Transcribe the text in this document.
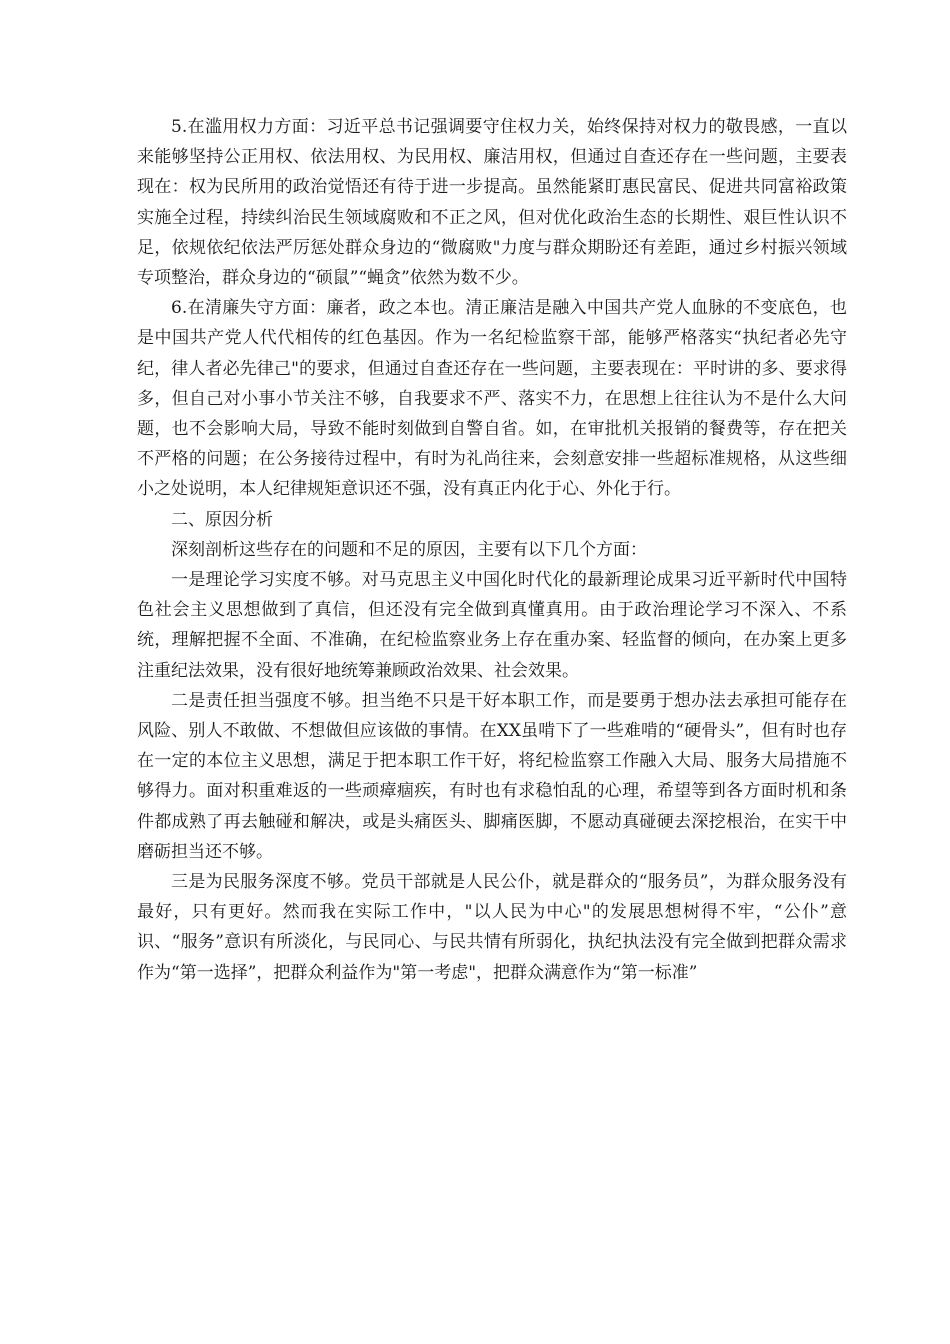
5.在滥用权力方面：习近平总书记强调要守住权力关，始终保持对权力的敬畏感，一直以来能够坚持公正用权、依法用权、为民用权、廉洁用权，但通过自查还存在一些问题，主要表现在：权为民所用的政治觉悟还有待于进一步提高。虽然能紧盯惠民富民、促进共同富裕政策实施全过程，持续纠治民生领域腐败和不正之风，但对优化政治生态的长期性、艰巨性认识不足，依规依纪依法严厉惩处群众身边的“微腐败"力度与群众期盼还有差距，通过乡村振兴领域专项整治，群众身边的“硕鼠”“蝇贪”依然为数不少。

6.在清廉失守方面：廉者，政之本也。清正廉洁是融入中国共产党人血脉的不变底色，也是中国共产党人代代相传的红色基因。作为一名纪检监察干部，能够严格落实“执纪者必先守纪，律人者必先律己"的要求，但通过自查还存在一些问题，主要表现在：平时讲的多、要求得多，但自己对小事小节关注不够，自我要求不严、落实不力，在思想上往往认为不是什么大问题，也不会影响大局，导致不能时刻做到自警自省。如，在审批机关报销的餐费等，存在把关不严格的问题；在公务接待过程中，有时为礼尚往来，会刻意安排一些超标准规格，从这些细小之处说明，本人纪律规矩意识还不强，没有真正内化于心、外化于行。

二、原因分析

深刻剖析这些存在的问题和不足的原因，主要有以下几个方面：

一是理论学习实度不够。对马克思主义中国化时代化的最新理论成果习近平新时代中国特色社会主义思想做到了真信，但还没有完全做到真懂真用。由于政治理论学习不深入、不系统，理解把握不全面、不准确，在纪检监察业务上存在重办案、轻监督的倾向，在办案上更多注重纪法效果，没有很好地统筹兼顾政治效果、社会效果。

二是责任担当强度不够。担当绝不只是干好本职工作，而是要勇于想办法去承担可能存在风险、别人不敢做、不想做但应该做的事情。在XX虽啃下了一些难啃的“硬骨头”，但有时也存在一定的本位主义思想，满足于把本职工作干好，将纪检监察工作融入大局、服务大局措施不够得力。面对积重难返的一些顽瘴痼疾，有时也有求稳怕乱的心理，希望等到各方面时机和条件都成熟了再去触碰和解决，或是头痛医头、脚痛医脚，不愿动真碰硬去深挖根治，在实干中磨砺担当还不够。

三是为民服务深度不够。党员干部就是人民公仆，就是群众的“服务员”，为群众服务没有最好，只有更好。然而我在实际工作中，"以人民为中心"的发展思想树得不牢，“公仆”意识、“服务”意识有所淡化，与民同心、与民共情有所弱化，执纪执法没有完全做到把群众需求作为“第一选择”，把群众利益作为"第一考虑"，把群众满意作为“第一标准”
